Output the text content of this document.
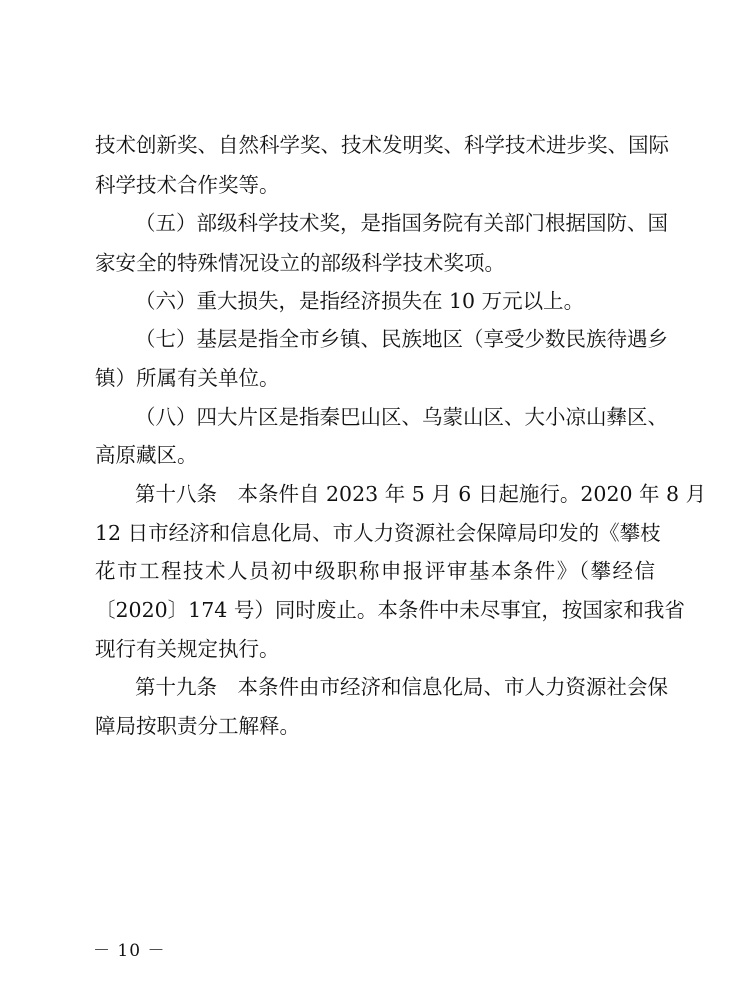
技术创新奖、自然科学奖、技术发明奖、科学技术进步奖、国际
科学技术合作奖等。
（五）部级科学技术奖，是指国务院有关部门根据国防、国
家安全的特殊情况设立的部级科学技术奖项。
（六）重大损失，是指经济损失在 10 万元以上。
（七）基层是指全市乡镇、民族地区（享受少数民族待遇乡
镇）所属有关单位。
（八）四大片区是指秦巴山区、乌蒙山区、大小凉山彝区、
高原藏区。
第十八条　本条件自 2023 年 5 月 6 日起施行。2020 年 8 月
12 日市经济和信息化局、市人力资源社会保障局印发的《攀枝
花市工程技术人员初中级职称申报评审基本条件》（攀经信
〔2020〕174 号）同时废止。本条件中未尽事宜，按国家和我省
现行有关规定执行。
第十九条　本条件由市经济和信息化局、市人力资源社会保
障局按职责分工解释。
－ 10 －
